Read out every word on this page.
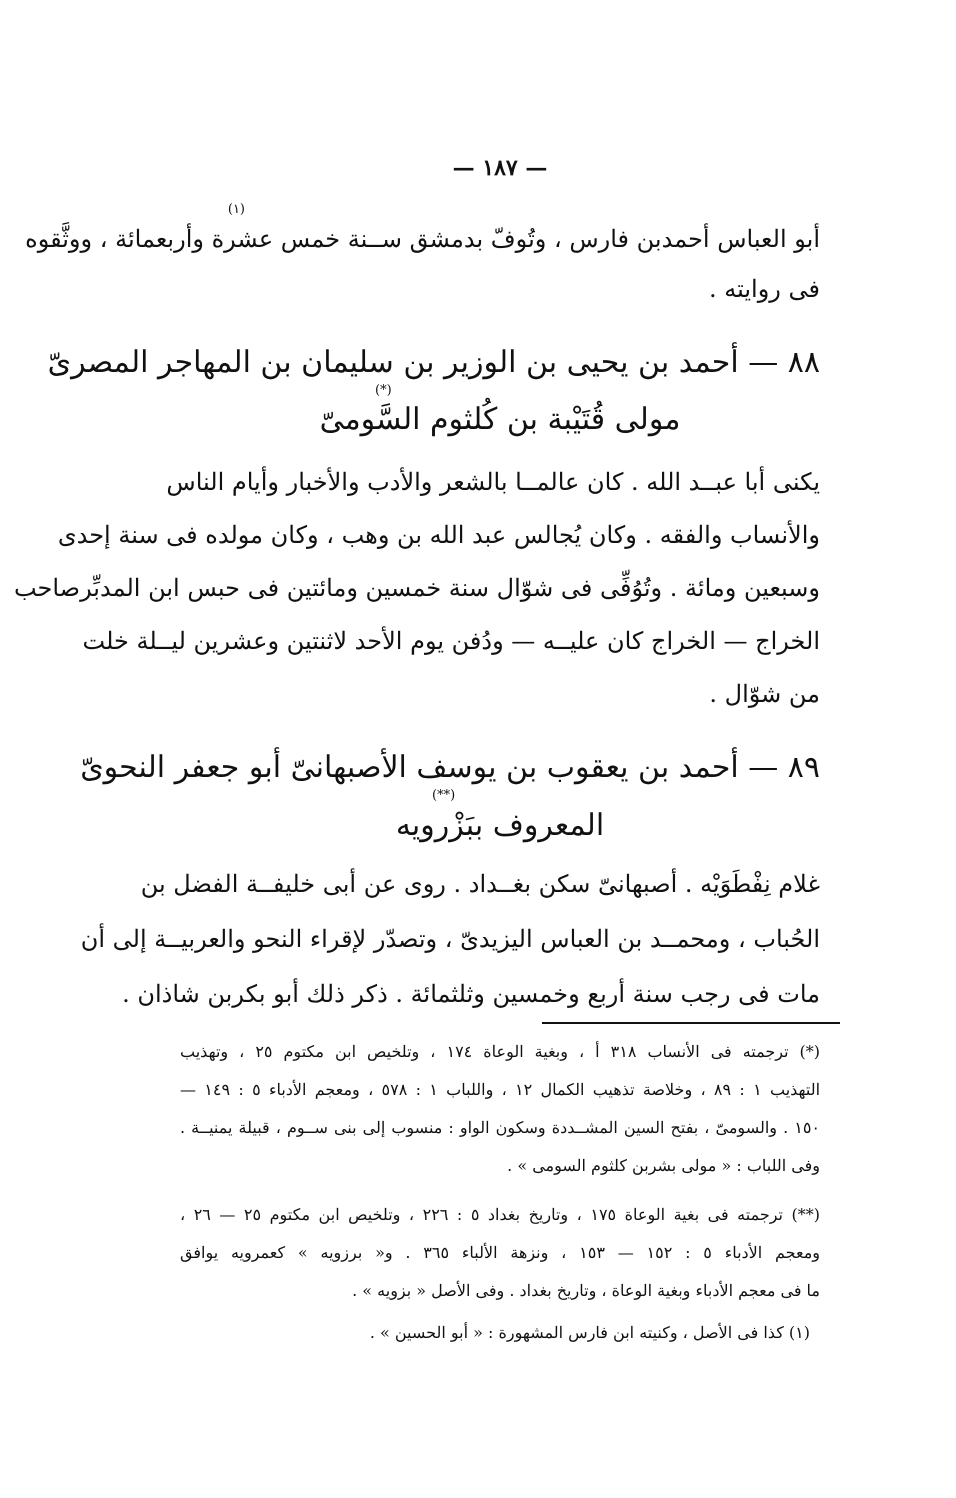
— ١٨٧ —
(١)
أبو العباس أحمدبن فارس ، وتُوفّ بدمشق ســنة خمس عشرة وأربعمائة ، ووثَّقوه
فى روايته .
٨٨ — أحمد بن يحيى بن الوزير بن سليمان بن المهاجر المصرىّ
(*)
مولى قُتَيْبة بن كُلثوم السَّومىّ
يكنى أبا عبــد الله . كان عالمــا بالشعر والأدب والأخبار وأيام الناس
والأنساب والفقه . وكان يُجالس عبد الله بن وهب ، وكان مولده فى سنة إحدى
وسبعين ومائة . وتُوُفِّى فى شوّال سنة خمسين ومائتين فى حبس ابن المدبِّرصاحب
الخراج — الخراج كان عليــه — ودُفن يوم الأحد لاثنتين وعشرين ليــلة خلت
من شوّال .
٨٩ — أحمد بن يعقوب بن يوسف الأصبهانىّ أبو جعفر النحوىّ
(**)
المعروف ببَزْرويه
غلام نِفْطَوَيْه . أصبهانىّ سكن بغــداد . روى عن أبى خليفــة الفضل بن
الحُباب ، ومحمــد بن العباس اليزيدىّ ، وتصدّر لإقراء النحو والعربيــة إلى أن
مات فى رجب سنة أربع وخمسين وثلثمائة . ذكر ذلك أبو بكربن شاذان .
(*) ترجمته فى الأنساب ٣١٨ أ ، وبغية الوعاة ١٧٤ ، وتلخيص ابن مكتوم ٢٥ ، وتهذيب
التهذيب ١ : ٨٩ ، وخلاصة تذهيب الكمال ١٢ ، واللباب ١ : ٥٧٨ ، ومعجم الأدباء ٥ : ١٤٩ —
١٥٠ . والسومىّ ، بفتح السين المشــددة وسكون الواو : منسوب إلى بنى ســوم ، قبيلة يمنيــة .
وفى اللباب : « مولى بشربن كلثوم السومى » .
(**) ترجمته فى بغية الوعاة ١٧٥ ، وتاريخ بغداد ٥ : ٢٢٦ ، وتلخيص ابن مكتوم ٢٥ — ٢٦ ،
ومعجم الأدباء ٥ : ١٥٢ — ١٥٣ ، ونزهة الألباء ٣٦٥ . و« برزويه » كعمرويه يوافق
ما فى معجم الأدباء وبغية الوعاة ، وتاريخ بغداد . وفى الأصل « بزويه » .
(١) كذا فى الأصل ، وكنيته ابن فارس المشهورة : « أبو الحسين » .
